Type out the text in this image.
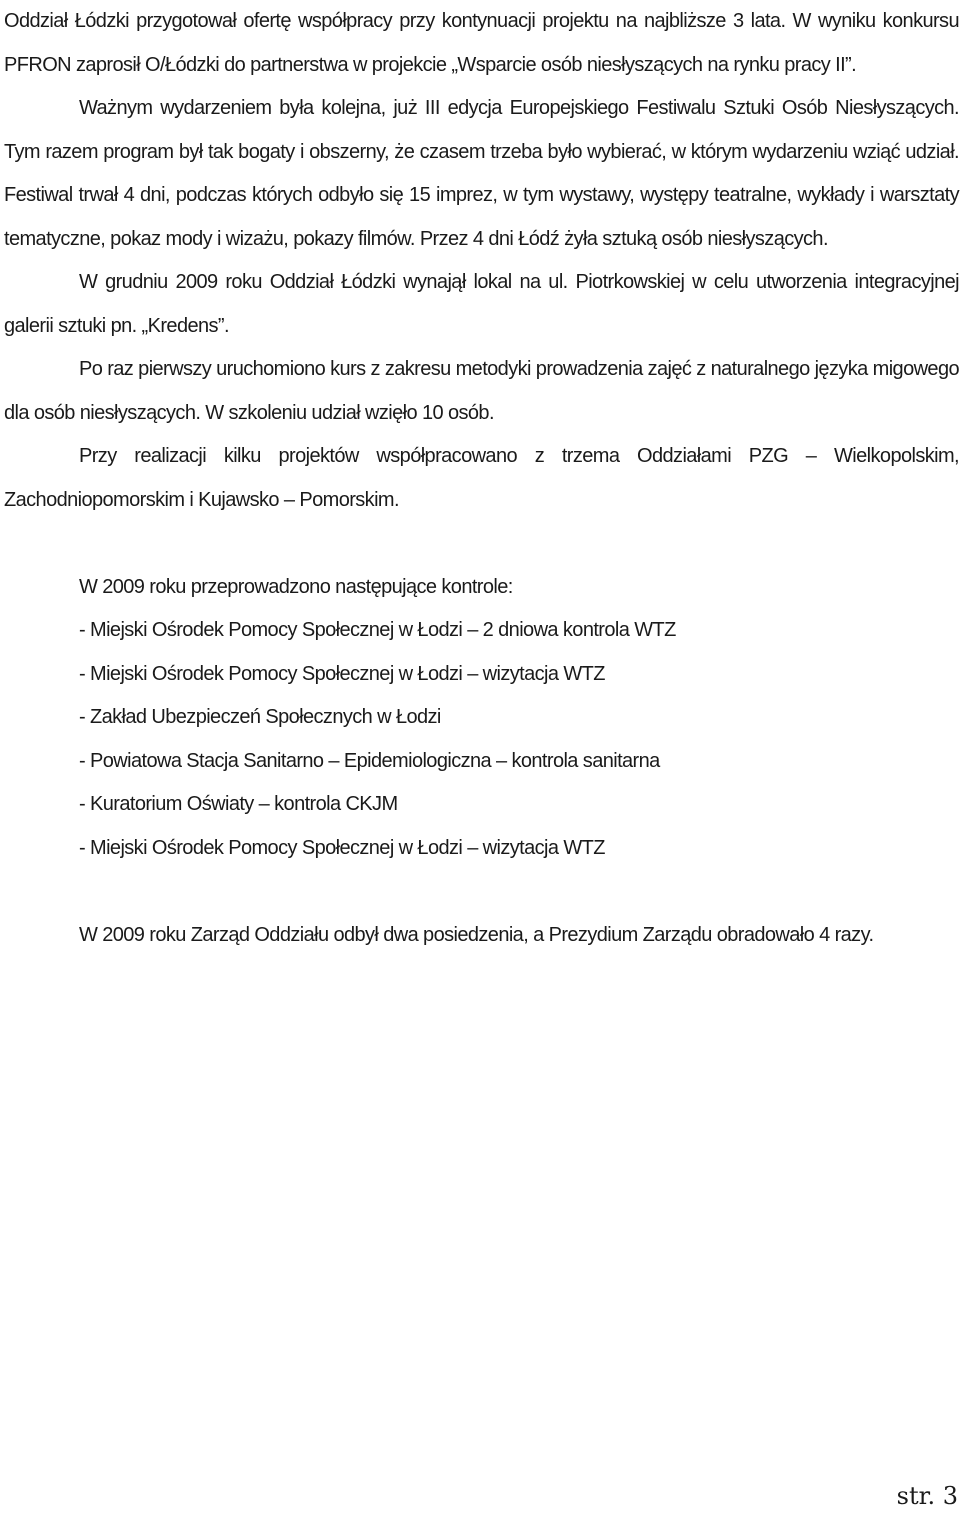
Oddział Łódzki przygotował ofertę współpracy przy kontynuacji projektu na najbliższe 3 lata. W wyniku konkursu PFRON zaprosił O/Łódzki do partnerstwa w projekcie „Wsparcie osób niesłyszących na rynku pracy II”.

Ważnym wydarzeniem była kolejna, już III edycja Europejskiego Festiwalu Sztuki Osób Niesłyszących. Tym razem program był tak bogaty i obszerny, że czasem trzeba było wybierać, w którym wydarzeniu wziąć udział. Festiwal trwał 4 dni, podczas których odbyło się 15 imprez, w tym wystawy, występy teatralne, wykłady i warsztaty tematyczne, pokaz mody i wizażu, pokazy filmów. Przez 4 dni Łódź żyła sztuką osób niesłyszących.

W grudniu 2009 roku Oddział Łódzki wynajął lokal na ul. Piotrkowskiej w celu utworzenia integracyjnej galerii sztuki pn. „Kredens”.

Po raz pierwszy uruchomiono kurs z zakresu metodyki prowadzenia zajęć z naturalnego języka migowego dla osób niesłyszących. W szkoleniu udział wzięło 10 osób.

Przy realizacji kilku projektów współpracowano z trzema Oddziałami PZG – Wielkopolskim, Zachodniopomorskim i Kujawsko – Pomorskim.

W 2009 roku przeprowadzono następujące kontrole:

- Miejski Ośrodek Pomocy Społecznej w Łodzi – 2 dniowa kontrola WTZ

- Miejski Ośrodek Pomocy Społecznej w Łodzi – wizytacja WTZ

- Zakład Ubezpieczeń Społecznych w Łodzi

- Powiatowa Stacja Sanitarno – Epidemiologiczna – kontrola sanitarna

- Kuratorium Oświaty – kontrola CKJM

- Miejski Ośrodek Pomocy Społecznej w Łodzi – wizytacja WTZ

W 2009 roku Zarząd Oddziału odbył dwa posiedzenia, a Prezydium Zarządu obradowało 4 razy.

str. 3
